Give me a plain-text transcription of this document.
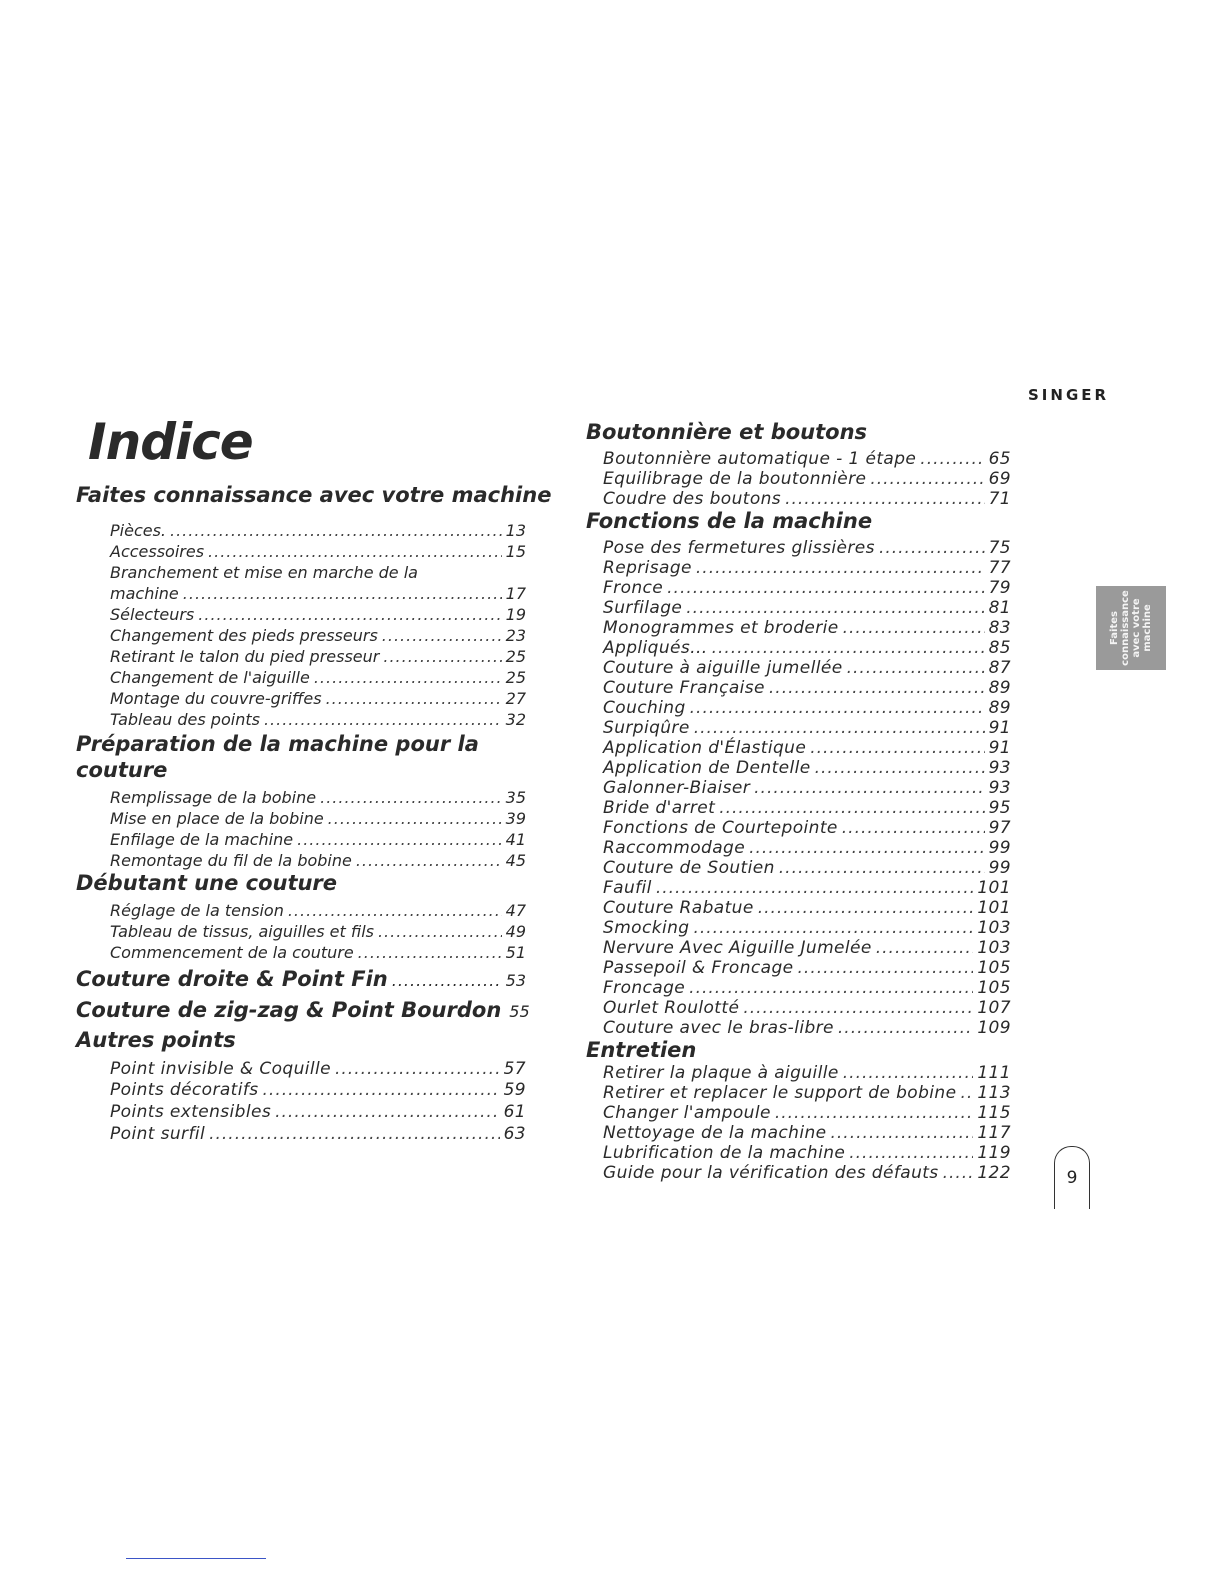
SINGER
Indice
Faites connaissance avec votre machine
Pièces. .....	13
Accessoires .....	15
Branchement et mise en marche de la
machine .....	17
Sélecteurs .....	19
Changement des pieds presseurs .....	23
Retirant le talon du pied presseur .....	25
Changement de l'aiguille .....	25
Montage du couvre-griffes .....	27
Tableau des points .....	32
Préparation de la machine pour la
couture
Remplissage de la bobine .....	35
Mise en place de la bobine .....	39
Enfilage de la machine .....	41
Remontage du fil de la bobine .....	45
Débutant une couture
Réglage de la tension .....	47
Tableau de tissus, aiguilles et fils .....	49
Commencement de la couture .....	51
Couture droite & Point Fin .....	53
Couture de zig-zag & Point Bourdon 55
Autres points
Point invisible & Coquille .....	57
Points décoratifs .....	59
Points extensibles .....	61
Point surfil .....	63
Boutonnière et boutons
Boutonnière automatique - 1 étape .....	65
Equilibrage de la boutonnière .....	69
Coudre des boutons .....	71
Fonctions de la machine
Pose des fermetures glissières .....	75
Reprisage .....	77
Fronce .....	79
Surfilage .....	81
Monogrammes et broderie .....	83
Appliqués... .....	85
Couture à aiguille jumellée .....	87
Couture Française .....	89
Couching .....	89
Surpiqûre .....	91
Application d'Élastique .....	91
Application de Dentelle .....	93
Galonner-Biaiser .....	93
Bride d'arret .....	95
Fonctions de Courtepointe .....	97
Raccommodage .....	99
Couture de Soutien .....	99
Faufil .....	101
Couture Rabatue .....	101
Smocking .....	103
Nervure Avec Aiguille Jumelée .....	103
Passepoil & Froncage .....	105
Froncage .....	105
Ourlet Roulotté .....	107
Couture avec le bras-libre .....	109
Entretien
Retirer la plaque à aiguille .....	111
Retirer et replacer le support de bobine ..... 113
Changer l'ampoule .....	115
Nettoyage de la machine .....	117
Lubrification de la machine .....	119
Guide pour la vérification des défauts ..... 122
Faites connaissance avec votre machine
9
